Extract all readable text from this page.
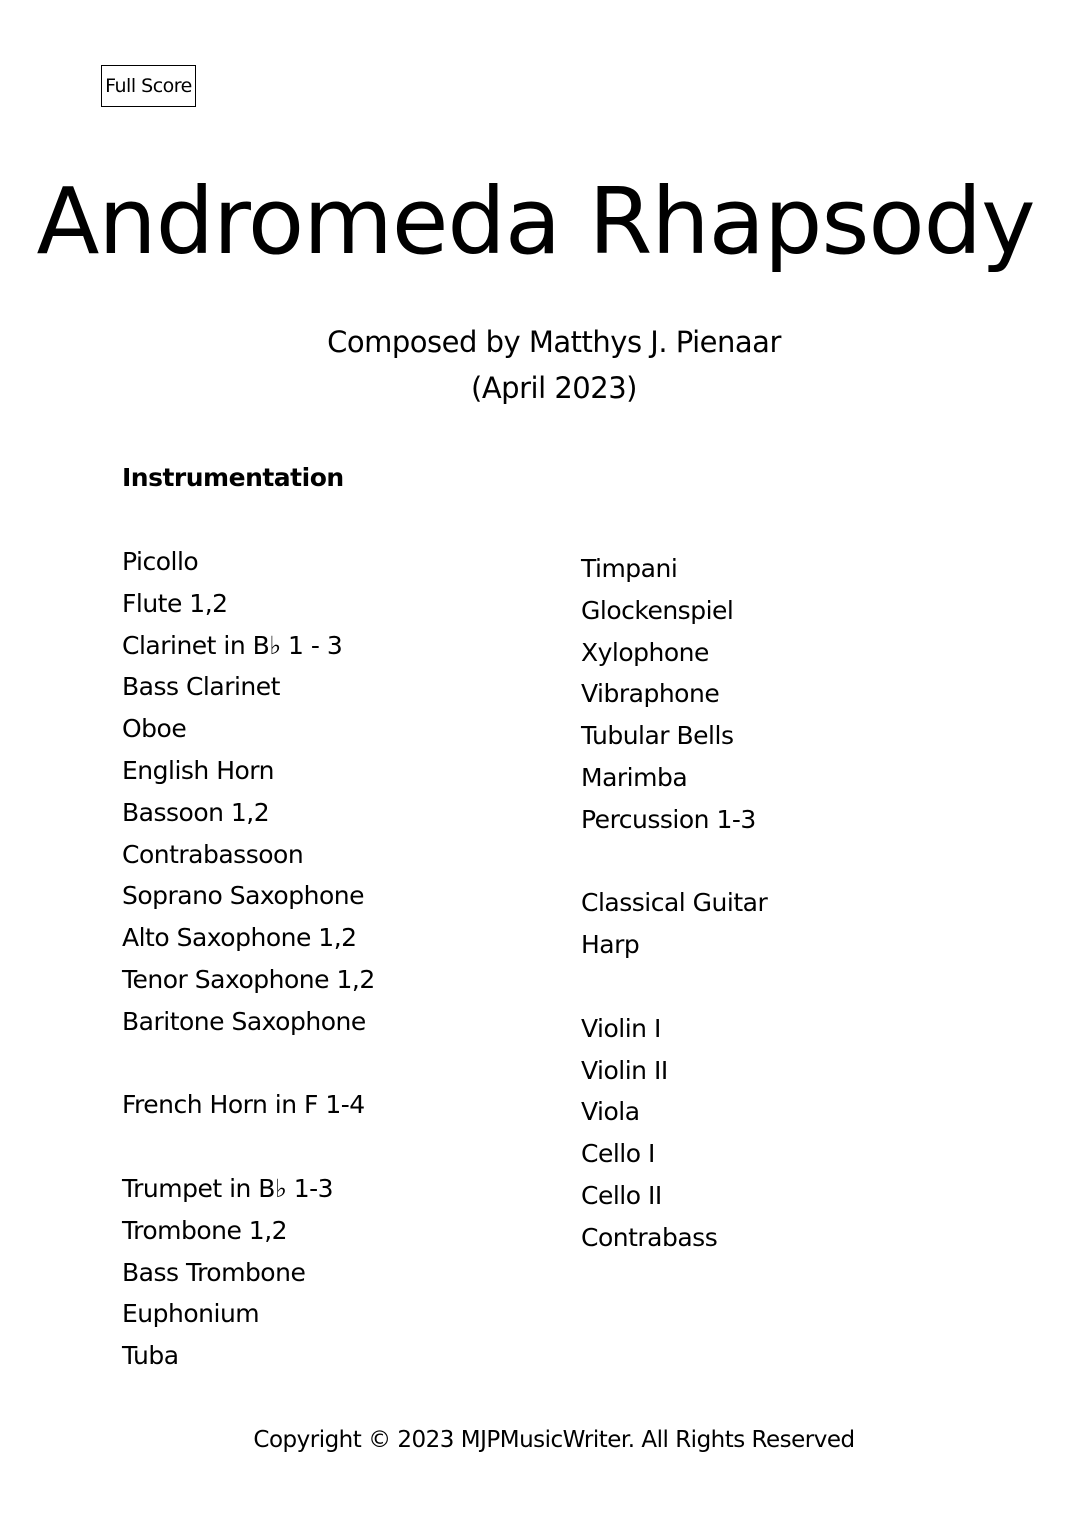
Full Score
Andromeda Rhapsody
Composed by Matthys J. Pienaar
(April 2023)
Instrumentation
Picollo
Flute 1,2
Clarinet in B♭ 1 - 3
Bass Clarinet
Oboe
English Horn
Bassoon 1,2
Contrabassoon
Soprano Saxophone
Alto Saxophone 1,2
Tenor Saxophone 1,2
Baritone Saxophone
French Horn in F 1-4
Trumpet in B♭ 1-3
Trombone 1,2
Bass Trombone
Euphonium
Tuba
Timpani
Glockenspiel
Xylophone
Vibraphone
Tubular Bells
Marimba
Percussion 1-3
Classical Guitar
Harp
Violin I
Violin II
Viola
Cello I
Cello II
Contrabass
Copyright © 2023 MJPMusicWriter. All Rights Reserved
